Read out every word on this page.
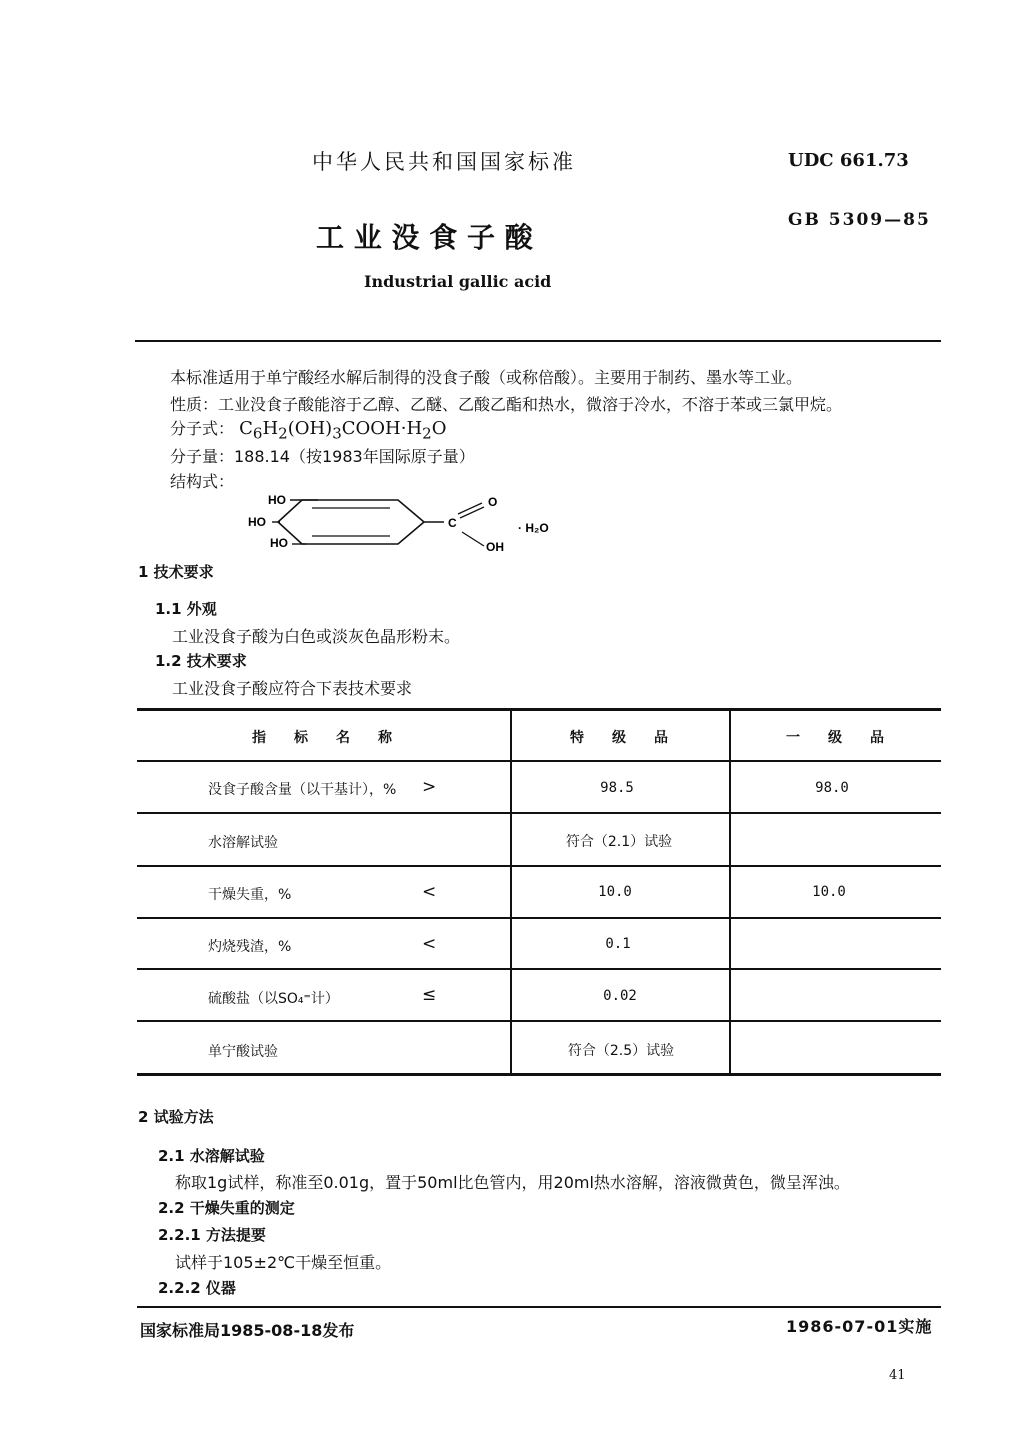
中华人民共和国国家标准	UDC 661.73
工 业 没 食 子 酸
GB 5309—85
Industrial gallic acid
本标准适用于单宁酸经水解后制得的没食子酸（或称倍酸）。主要用于制药、墨水等工业。
性质：工业没食子酸能溶于乙醇、乙醚、乙酸乙酯和热水，微溶于冷水，不溶于苯或三氯甲烷。
分子式： $C_6H_2(OH)_3COOH\cdot H_2O$
分子量：188.14（按1983年国际原子量）
结构式：
HO
HO
HO
C
O
OH
· H₂O
1 技术要求
1.1 外观
工业没食子酸为白色或淡灰色晶形粉末。
1.2 技术要求
工业没食子酸应符合下表技术要求
指　　标　　名　　称	特　　级　　品	一　　级　　品
没食子酸含量（以干基计），% >	98.5	98.0
水溶解试验	符合（2.1）试验
干燥失重，%	<	10.0	10.0
灼烧残渣，%	<	0.1
硫酸盐（以SO₄⁼计）	≤	0.02
单宁酸试验	符合（2.5）试验
2 试验方法
2.1 水溶解试验
称取1g试样，称准至0.01g，置于50ml比色管内，用20ml热水溶解，溶液微黄色，微呈浑浊。
2.2 干燥失重的测定
2.2.1 方法提要
试样于105±2℃干燥至恒重。
2.2.2 仪器
国家标准局1985-08-18发布	1986-07-01实施
41
